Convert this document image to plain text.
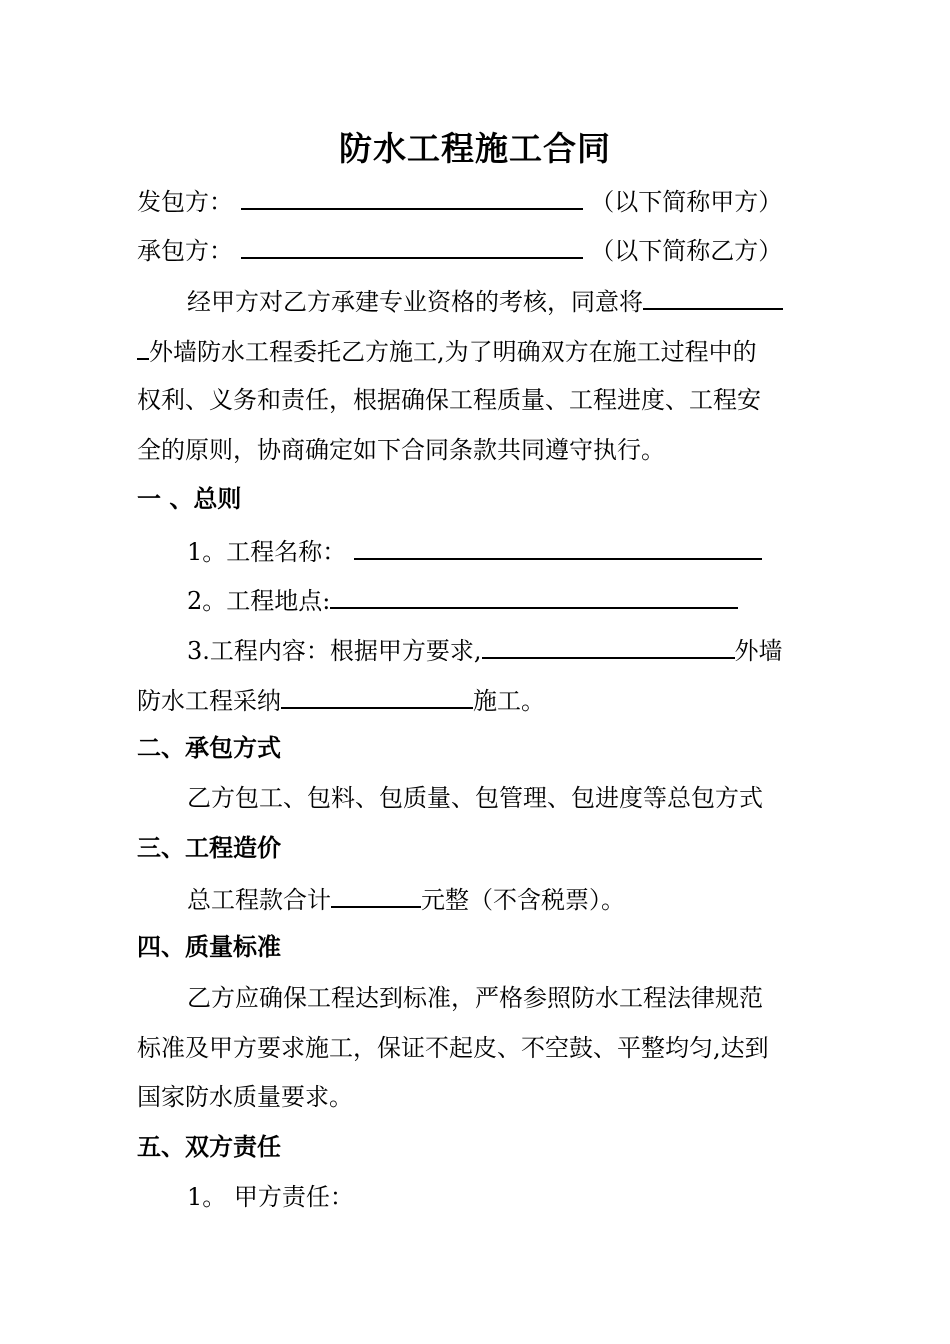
防水工程施工合同
发包方：	（以下简称甲方）
承包方：	（以下简称乙方）
经甲方对乙方承建专业资格的考核，同意将
外墙防水工程委托乙方施工,为了明确双方在施工过程中的
权利、义务和责任，根据确保工程质量、工程进度、工程安
全的原则，协商确定如下合同条款共同遵守执行。
一 、总则
1。工程名称：
2。工程地点:
3.工程内容：根据甲方要求,	外墙
防水工程采纳	施工。
二、承包方式
乙方包工、包料、包质量、包管理、包进度等总包方式
三、工程造价
总工程款合计	元整（不含税票）。
四、质量标准
乙方应确保工程达到标准，严格参照防水工程法律规范
标准及甲方要求施工，保证不起皮、不空鼓、平整均匀,达到
国家防水质量要求。
五、双方责任
1。 甲方责任：
